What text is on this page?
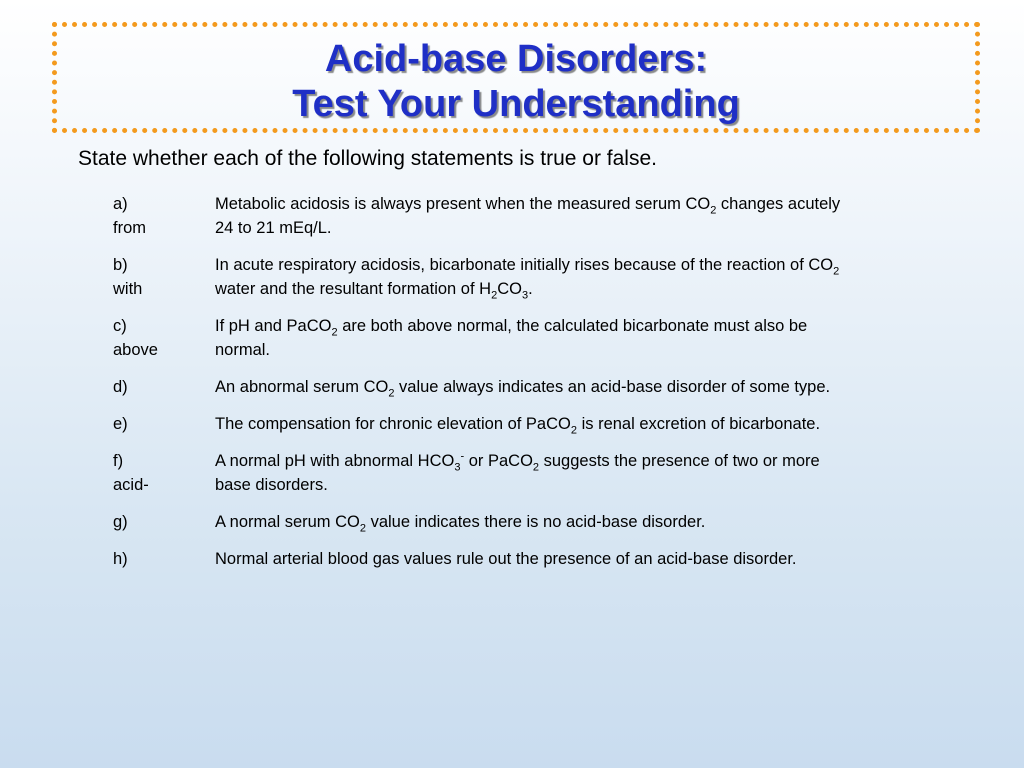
Acid-base Disorders:
Test Your Understanding

State whether each of the following statements is true or false.

a)	Metabolic acidosis is always present when the measured serum $CO_2$ changes acutely
from	24 to 21 mEq/L.
b)	In acute respiratory acidosis, bicarbonate initially rises because of the reaction of $CO_2$
with	water and the resultant formation of $H_2CO_3$.
c)	If pH and PaCO$_2$ are both above normal, the calculated bicarbonate must also be
above	normal.
d)	An abnormal serum $CO_2$ value always indicates an acid-base disorder of some type.
e)	The compensation for chronic elevation of PaCO$_2$ is renal excretion of bicarbonate.
f)	A normal pH with abnormal $HCO_3^-$ or PaCO$_2$ suggests the presence of two or more
acid-	base disorders.
g)	A normal serum $CO_2$ value indicates there is no acid-base disorder.
h)	Normal arterial blood gas values rule out the presence of an acid-base disorder.
